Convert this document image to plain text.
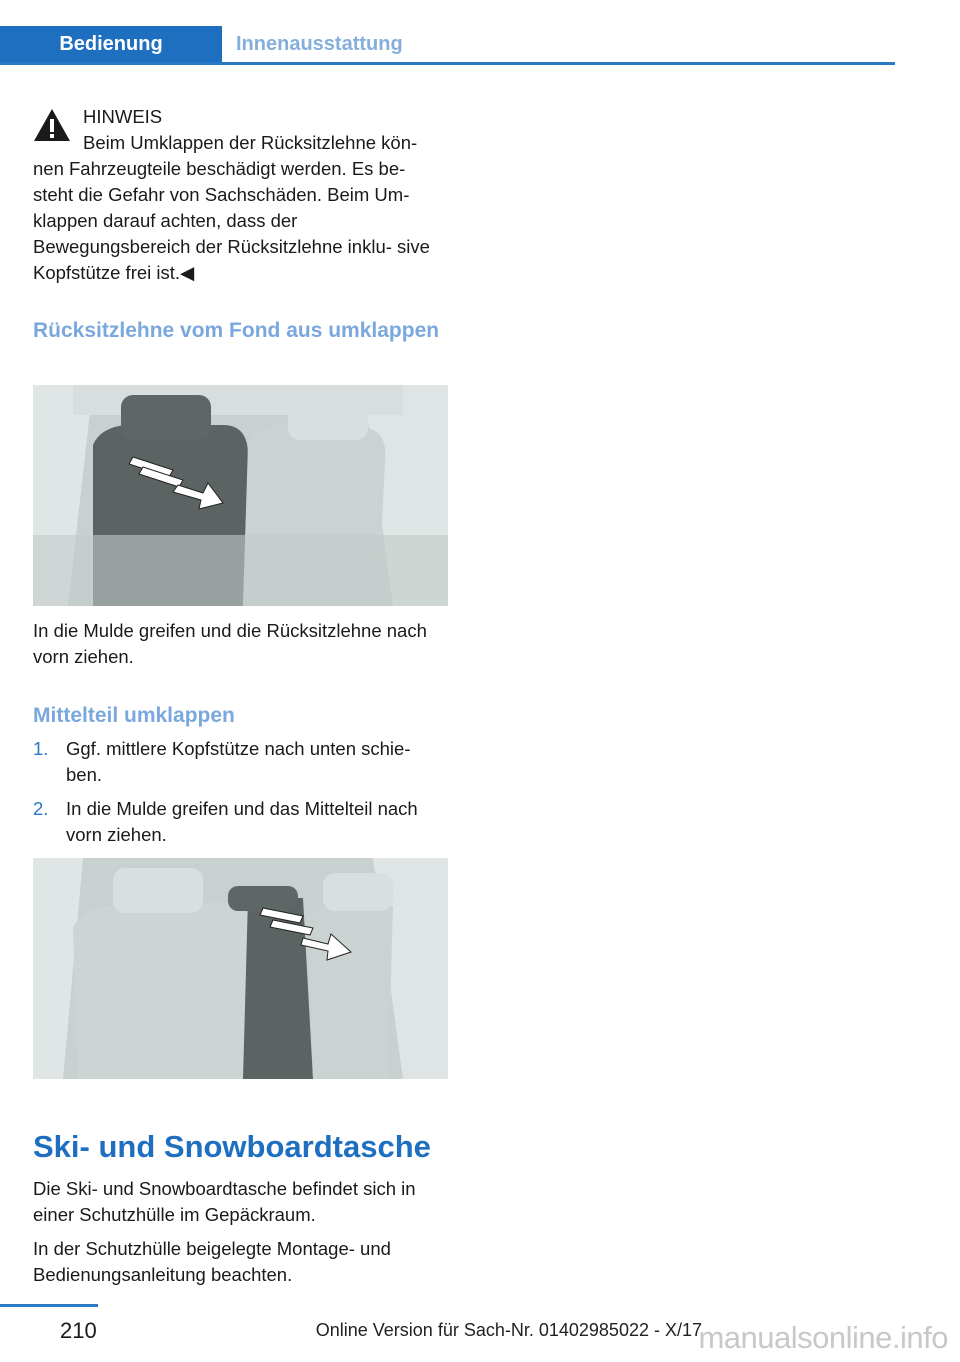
Bedienung	Innenausstattung
HINWEIS

Beim Umklappen der Rücksitzlehne kön‐

nen Fahrzeugteile beschädigt werden. Es be‐ steht die Gefahr von Sachschäden. Beim Um‐ klappen darauf achten, dass der Bewegungsbereich der Rücksitzlehne inklu‐ sive Kopfstütze frei ist.◀

Rücksitzlehne vom Fond aus umklappen

In die Mulde greifen und die Rücksitzlehne nach vorn ziehen.

Mittelteil umklappen

1. Ggf. mittlere Kopfstütze nach unten schie‐ ben.
2. In die Mulde greifen und das Mittelteil nach vorn ziehen.

Ski- und Snowboardtasche

Die Ski- und Snowboardtasche befindet sich in einer Schutzhülle im Gepäckraum.

In der Schutzhülle beigelegte Montage- und Bedienungsanleitung beachten.

210	Online Version für Sach-Nr. 01402985022 - X/17
manualsonline.info
